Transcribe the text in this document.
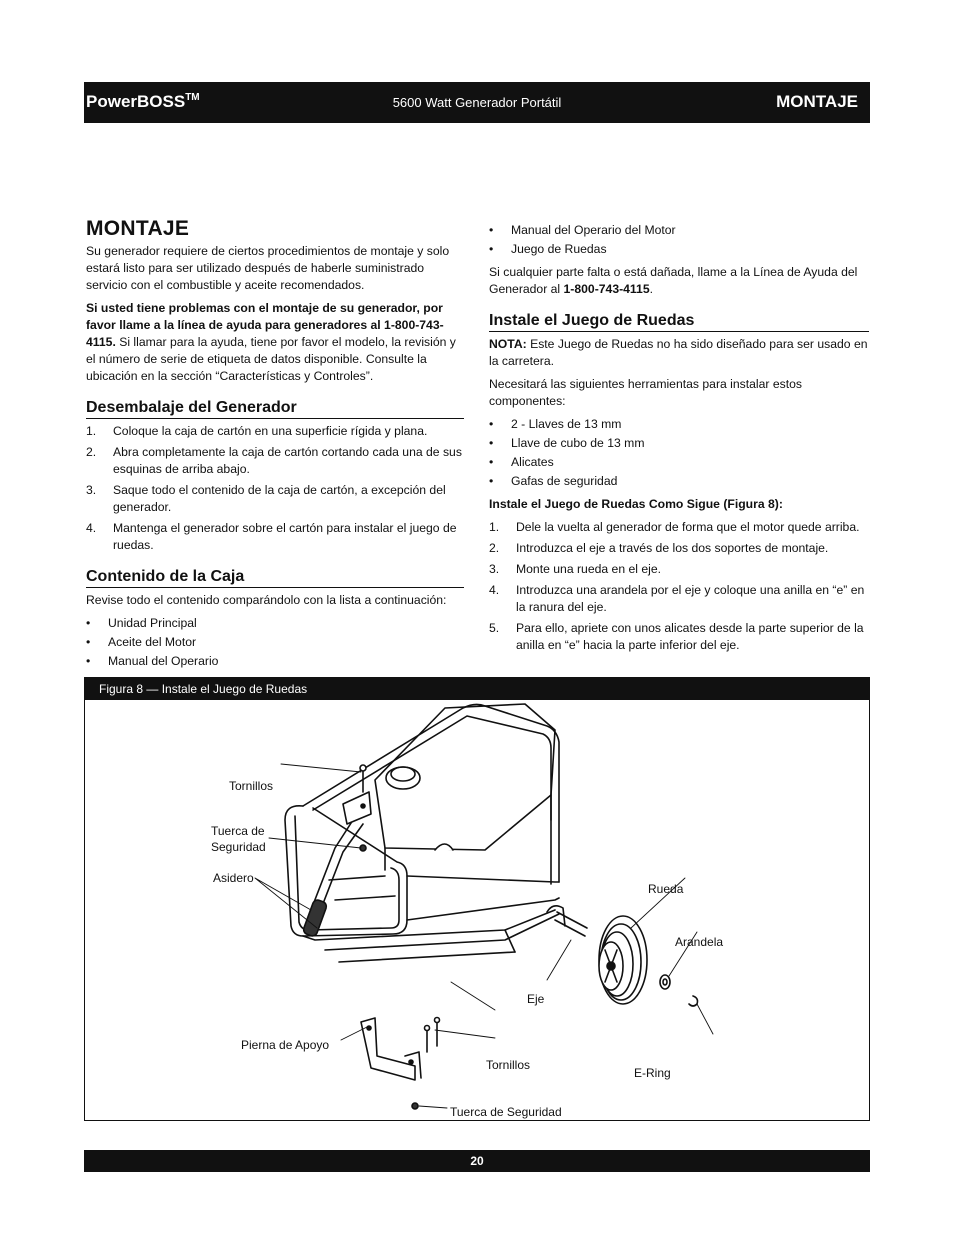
PowerBOSS™	5600 Watt Generador Portátil	MONTAJE
MONTAJE

Su generador requiere de ciertos procedimientos de montaje y solo estará listo para ser utilizado después de haberle suministrado servicio con el combustible y aceite recomendados.

Si usted tiene problemas con el montaje de su generador, por favor llame a la línea de ayuda para generadores al 1-800-743-4115. Si llamar para la ayuda, tiene por favor el modelo, la revisión y el número de serie de etiqueta de datos disponible. Consulte la ubicación en la sección “Características y Controles”.

Desembalaje del Generador
1. Coloque la caja de cartón en una superficie rígida y plana.
2. Abra completamente la caja de cartón cortando cada una de sus esquinas de arriba abajo.
3. Saque todo el contenido de la caja de cartón, a excepción del generador.
4. Mantenga el generador sobre el cartón para instalar el juego de ruedas.
Contenido de la Caja

Revise todo el contenido comparándolo con la lista a continuación:

• Unidad Principal
• Aceite del Motor
• Manual del Operario
• Manual del Operario del Motor
• Juego de Ruedas

Si cualquier parte falta o está dañada, llame a la Línea de Ayuda del Generador al 1-800-743-4115.

Instale el Juego de Ruedas

NOTA: Este Juego de Ruedas no ha sido diseñado para ser usado en la carretera.

Necesitará las siguientes herramientas para instalar estos componentes:

• 2 - Llaves de 13 mm
• Llave de cubo de 13 mm
• Alicates
• Gafas de seguridad

Instale el Juego de Ruedas Como Sigue (Figura 8):

1. Dele la vuelta al generador de forma que el motor quede arriba.
2. Introduzca el eje a través de los dos soportes de montaje.
3. Monte una rueda en el eje.
4. Introduzca una arandela por el eje y coloque una anilla en “e” en la ranura del eje.
5. Para ello, apriete con unos alicates desde la parte superior de la anilla en “e” hacia la parte inferior del eje.
Figura 8 — Instale el Juego de Ruedas
Tornillos
Tuerca de
Seguridad
Asidero
Rueda
Arandela
Eje
Pierna de Apoyo
Tornillos
E-Ring
Tuerca de Seguridad
20
